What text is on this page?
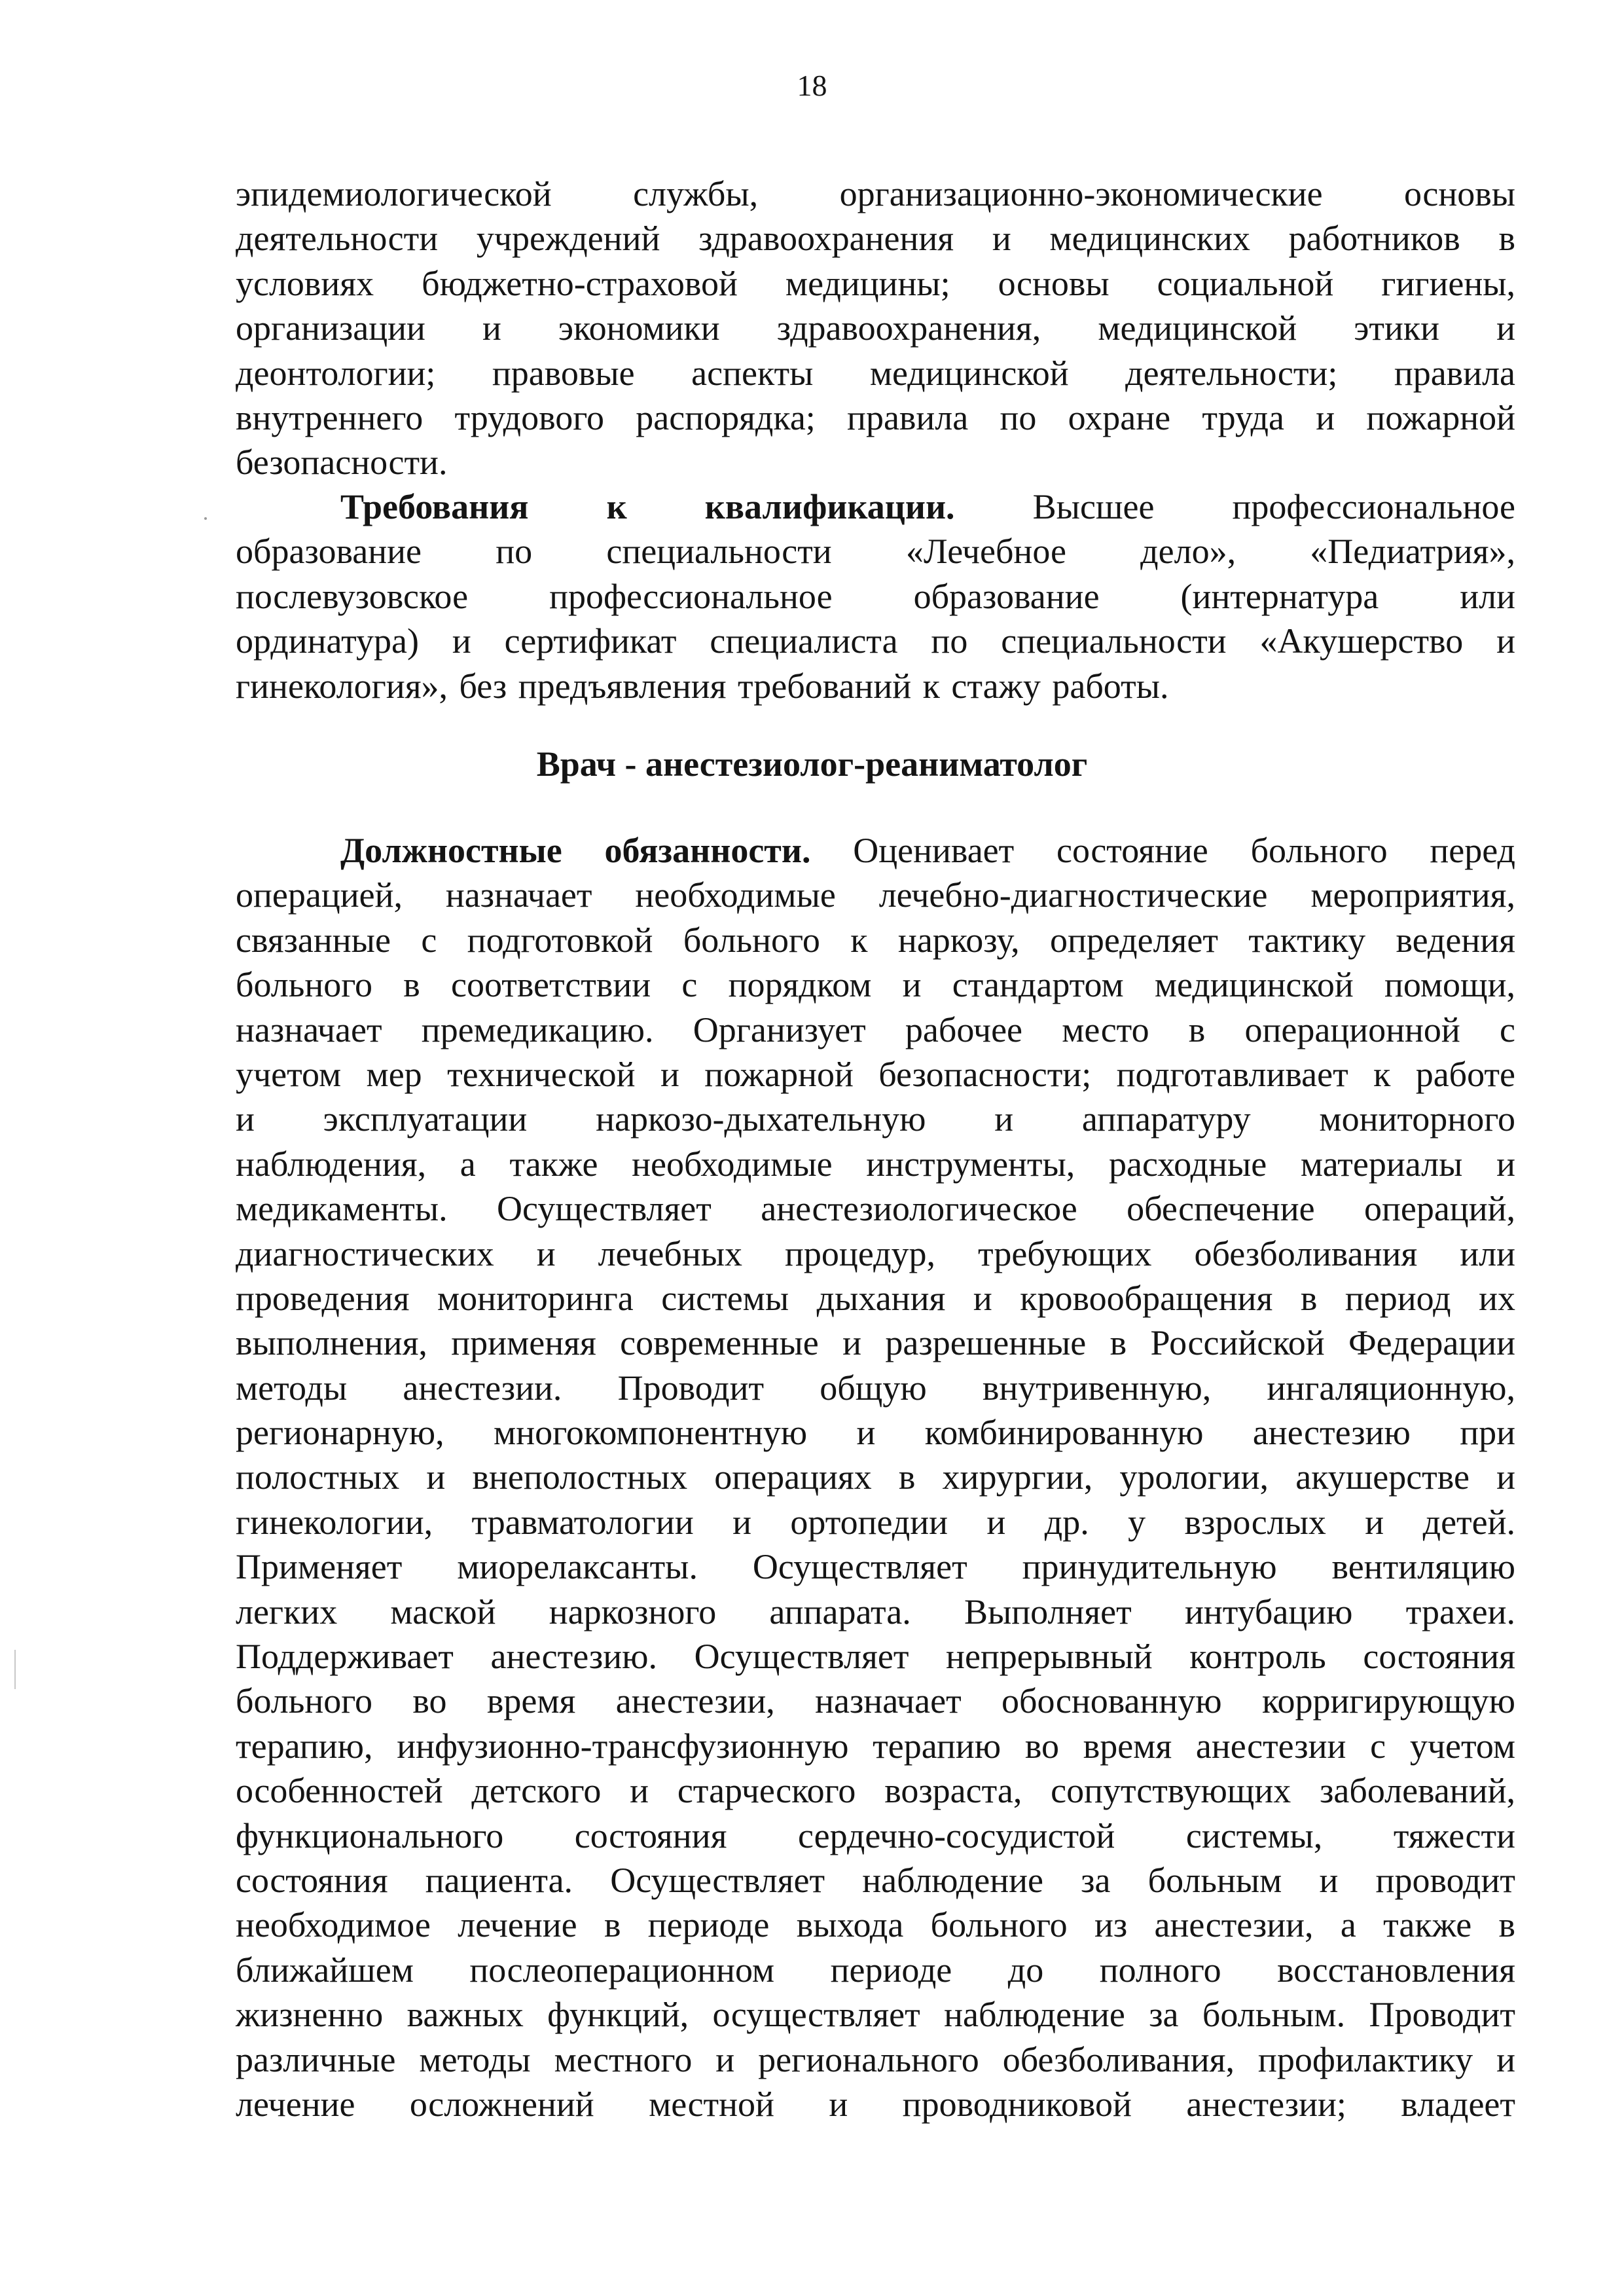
18
эпидемиологической службы, организационно-экономические основы
деятельности учреждений здравоохранения и медицинских работников в
условиях бюджетно-страховой медицины; основы социальной гигиены,
организации и экономики здравоохранения, медицинской этики и
деонтологии; правовые аспекты медицинской деятельности; правила
внутреннего трудового распорядка; правила по охране труда и пожарной
безопасности.
Требования к квалификации. Высшее профессиональное
образование по специальности «Лечебное дело», «Педиатрия»,
послевузовское профессиональное образование (интернатура или
ординатура) и сертификат специалиста по специальности «Акушерство и
гинекология», без предъявления требований к стажу работы.
Врач - анестезиолог-реаниматолог
Должностные обязанности. Оценивает состояние больного перед
операцией, назначает необходимые лечебно-диагностические мероприятия,
связанные с подготовкой больного к наркозу, определяет тактику ведения
больного в соответствии с порядком и стандартом медицинской помощи,
назначает премедикацию. Организует рабочее место в операционной с
учетом мер технической и пожарной безопасности; подготавливает к работе
и эксплуатации наркозо-дыхательную и аппаратуру мониторного
наблюдения, а также необходимые инструменты, расходные материалы и
медикаменты. Осуществляет анестезиологическое обеспечение операций,
диагностических и лечебных процедур, требующих обезболивания или
проведения мониторинга системы дыхания и кровообращения в период их
выполнения, применяя современные и разрешенные в Российской Федерации
методы анестезии. Проводит общую внутривенную, ингаляционную,
регионарную, многокомпонентную и комбинированную анестезию при
полостных и внеполостных операциях в хирургии, урологии, акушерстве и
гинекологии, травматологии и ортопедии и др. у взрослых и детей.
Применяет миорелаксанты. Осуществляет принудительную вентиляцию
легких маской наркозного аппарата. Выполняет интубацию трахеи.
Поддерживает анестезию. Осуществляет непрерывный контроль состояния
больного во время анестезии, назначает обоснованную корригирующую
терапию, инфузионно-трансфузионную терапию во время анестезии с учетом
особенностей детского и старческого возраста, сопутствующих заболеваний,
функционального состояния сердечно-сосудистой системы, тяжести
состояния пациента. Осуществляет наблюдение за больным и проводит
необходимое лечение в периоде выхода больного из анестезии, а также в
ближайшем послеоперационном периоде до полного восстановления
жизненно важных функций, осуществляет наблюдение за больным. Проводит
различные методы местного и регионального обезболивания, профилактику и
лечение осложнений местной и проводниковой анестезии; владеет
